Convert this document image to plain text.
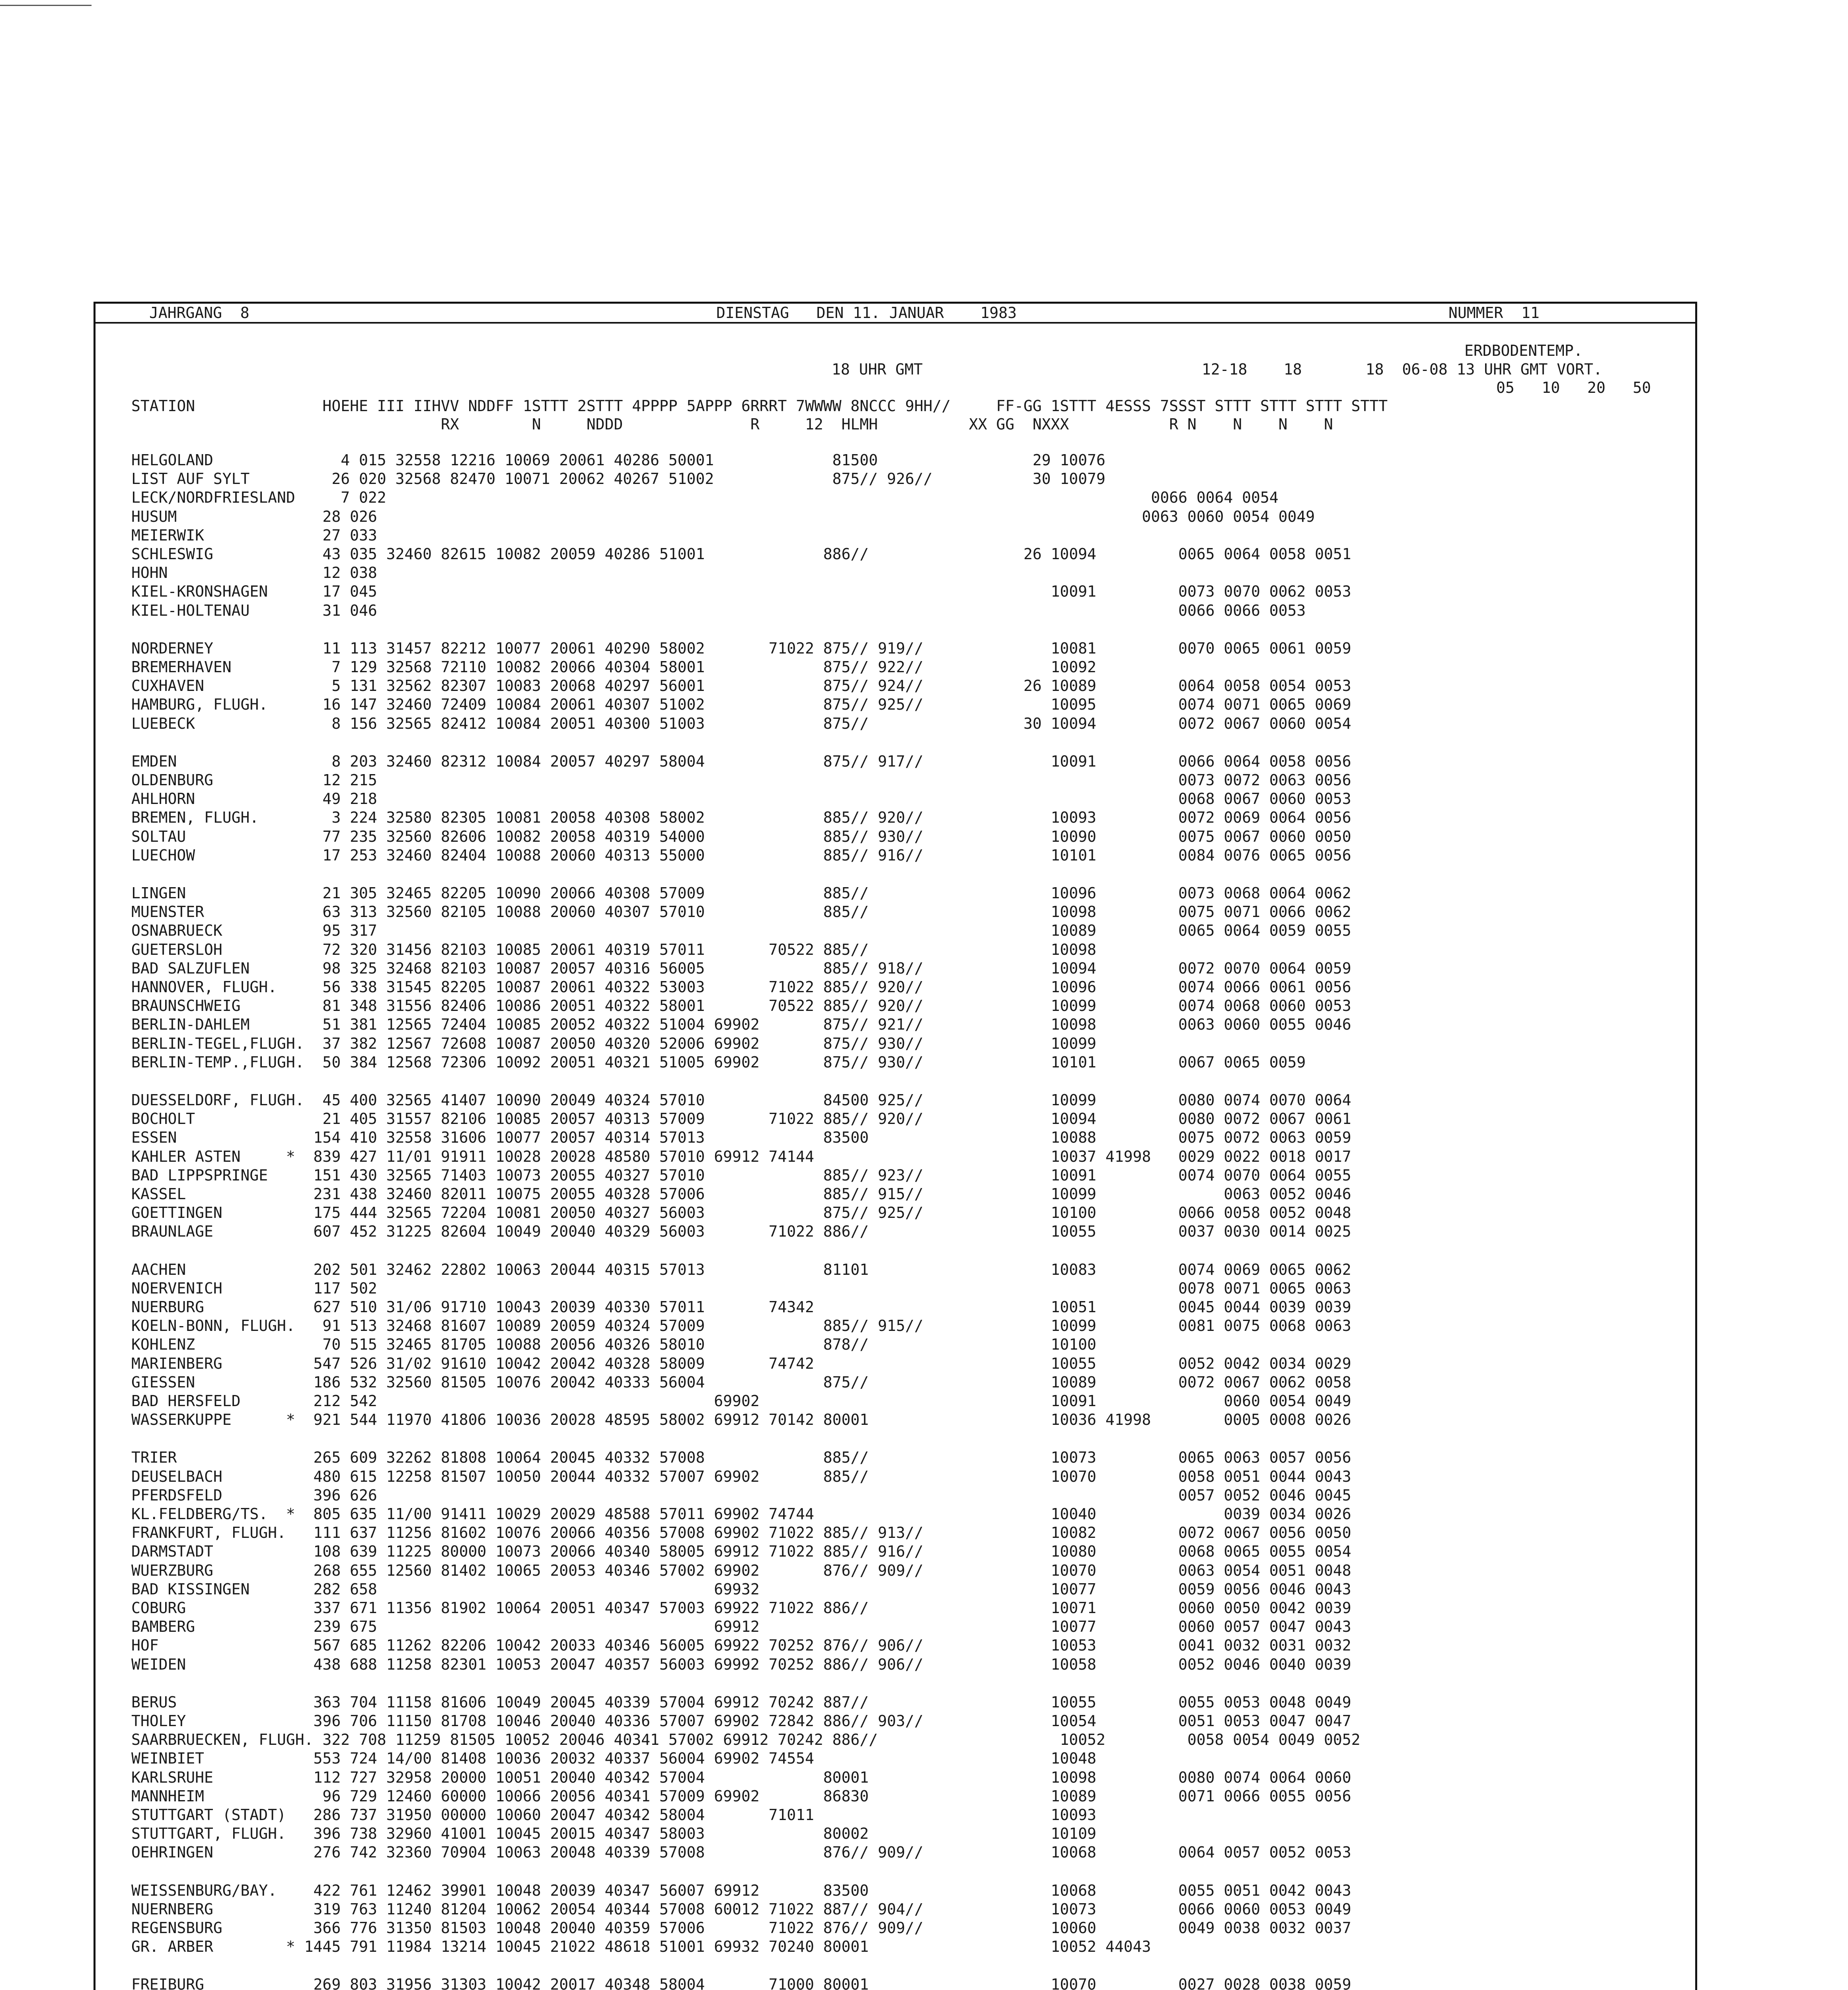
JAHRGANG  8	DIENSTAG   DEN 11. JANUAR    1983	NUMMER  11
ERDBODENTEMP.
18 UHR GMT	12-18    18       18  06-08 13 UHR GMT VORT.
05   10   20   50
STATION              HOEHE III IIHVV NDDFF 1STTT 2STTT 4PPPP 5APPP 6RRRT 7WWWW 8NCCC 9HH//     FF-GG 1STTT 4ESSS 7SSST STTT STTT STTT STTT
RX        N     NDDD              R     12  HLMH          XX GG  NXXX           R N    N    N    N
HELGOLAND              4 015 32558 12216 10069 20061 40286 50001             81500                 29 10076
LIST AUF SYLT         26 020 32568 82470 10071 20062 40267 51002             875// 926//           30 10079
LECK/NORDFRIESLAND     7 022                                                                                    0066 0064 0054
HUSUM                28 026                                                                                    0063 0060 0054 0049
MEIERWIK             27 033
SCHLESWIG            43 035 32460 82615 10082 20059 40286 51001             886//                 26 10094         0065 0064 0058 0051
HOHN                 12 038
KIEL-KRONSHAGEN      17 045                                                                          10091         0073 0070 0062 0053
KIEL-HOLTENAU        31 046                                                                                        0066 0066 0053
NORDERNEY            11 113 31457 82212 10077 20061 40290 58002       71022 875// 919//              10081         0070 0065 0061 0059
BREMERHAVEN           7 129 32568 72110 10082 20066 40304 58001             875// 922//              10092
CUXHAVEN              5 131 32562 82307 10083 20068 40297 56001             875// 924//           26 10089         0064 0058 0054 0053
HAMBURG, FLUGH.      16 147 32460 72409 10084 20061 40307 51002             875// 925//              10095         0074 0071 0065 0069
LUEBECK               8 156 32565 82412 10084 20051 40300 51003             875//                 30 10094         0072 0067 0060 0054
EMDEN                 8 203 32460 82312 10084 20057 40297 58004             875// 917//              10091         0066 0064 0058 0056
OLDENBURG            12 215                                                                                        0073 0072 0063 0056
AHLHORN              49 218                                                                                        0068 0067 0060 0053
BREMEN, FLUGH.        3 224 32580 82305 10081 20058 40308 58002             885// 920//              10093         0072 0069 0064 0056
SOLTAU               77 235 32560 82606 10082 20058 40319 54000             885// 930//              10090         0075 0067 0060 0050
LUECHOW              17 253 32460 82404 10088 20060 40313 55000             885// 916//              10101         0084 0076 0065 0056
LINGEN               21 305 32465 82205 10090 20066 40308 57009             885//                    10096         0073 0068 0064 0062
MUENSTER             63 313 32560 82105 10088 20060 40307 57010             885//                    10098         0075 0071 0066 0062
OSNABRUECK           95 317                                                                          10089         0065 0064 0059 0055
GUETERSLOH           72 320 31456 82103 10085 20061 40319 57011       70522 885//                    10098
BAD SALZUFLEN        98 325 32468 82103 10087 20057 40316 56005             885// 918//              10094         0072 0070 0064 0059
HANNOVER, FLUGH.     56 338 31545 82205 10087 20061 40322 53003       71022 885// 920//              10096         0074 0066 0061 0056
BRAUNSCHWEIG         81 348 31556 82406 10086 20051 40322 58001       70522 885// 920//              10099         0074 0068 0060 0053
BERLIN-DAHLEM        51 381 12565 72404 10085 20052 40322 51004 69902       875// 921//              10098         0063 0060 0055 0046
BERLIN-TEGEL,FLUGH.  37 382 12567 72608 10087 20050 40320 52006 69902       875// 930//              10099
BERLIN-TEMP.,FLUGH.  50 384 12568 72306 10092 20051 40321 51005 69902       875// 930//              10101         0067 0065 0059
DUESSELDORF, FLUGH.  45 400 32565 41407 10090 20049 40324 57010             84500 925//              10099         0080 0074 0070 0064
BOCHOLT              21 405 31557 82106 10085 20057 40313 57009       71022 885// 920//              10094         0080 0072 0067 0061
ESSEN               154 410 32558 31606 10077 20057 40314 57013             83500                    10088         0075 0072 0063 0059
KAHLER ASTEN     *  839 427 11/01 91911 10028 20028 48580 57010 69912 74144                          10037 41998   0029 0022 0018 0017
BAD LIPPSPRINGE     151 430 32565 71403 10073 20055 40327 57010             885// 923//              10091         0074 0070 0064 0055
KASSEL              231 438 32460 82011 10075 20055 40328 57006             885// 915//              10099              0063 0052 0046
GOETTINGEN          175 444 32565 72204 10081 20050 40327 56003             875// 925//              10100         0066 0058 0052 0048
BRAUNLAGE           607 452 31225 82604 10049 20040 40329 56003       71022 886//                    10055         0037 0030 0014 0025
AACHEN              202 501 32462 22802 10063 20044 40315 57013             81101                    10083         0074 0069 0065 0062
NOERVENICH          117 502                                                                                        0078 0071 0065 0063
NUERBURG            627 510 31/06 91710 10043 20039 40330 57011       74342                          10051         0045 0044 0039 0039
KOELN-BONN, FLUGH.   91 513 32468 81607 10089 20059 40324 57009             885// 915//              10099         0081 0075 0068 0063
KOHLENZ              70 515 32465 81705 10088 20056 40326 58010             878//                    10100
MARIENBERG          547 526 31/02 91610 10042 20042 40328 58009       74742                          10055         0052 0042 0034 0029
GIESSEN             186 532 32560 81505 10076 20042 40333 56004             875//                    10089         0072 0067 0062 0058
BAD HERSFELD        212 542                                     69902                                10091              0060 0054 0049
WASSERKUPPE      *  921 544 11970 41806 10036 20028 48595 58002 69912 70142 80001                    10036 41998        0005 0008 0026
TRIER               265 609 32262 81808 10064 20045 40332 57008             885//                    10073         0065 0063 0057 0056
DEUSELBACH          480 615 12258 81507 10050 20044 40332 57007 69902       885//                    10070         0058 0051 0044 0043
PFERDSFELD          396 626                                                                                        0057 0052 0046 0045
KL.FELDBERG/TS.  *  805 635 11/00 91411 10029 20029 48588 57011 69902 74744                          10040              0039 0034 0026
FRANKFURT, FLUGH.   111 637 11256 81602 10076 20066 40356 57008 69902 71022 885// 913//              10082         0072 0067 0056 0050
DARMSTADT           108 639 11225 80000 10073 20066 40340 58005 69912 71022 885// 916//              10080         0068 0065 0055 0054
WUERZBURG           268 655 12560 81402 10065 20053 40346 57002 69902       876// 909//              10070         0063 0054 0051 0048
BAD KISSINGEN       282 658                                     69932                                10077         0059 0056 0046 0043
COBURG              337 671 11356 81902 10064 20051 40347 57003 69922 71022 886//                    10071         0060 0050 0042 0039
BAMBERG             239 675                                     69912                                10077         0060 0057 0047 0043
HOF                 567 685 11262 82206 10042 20033 40346 56005 69922 70252 876// 906//              10053         0041 0032 0031 0032
WEIDEN              438 688 11258 82301 10053 20047 40357 56003 69992 70252 886// 906//              10058         0052 0046 0040 0039
BERUS               363 704 11158 81606 10049 20045 40339 57004 69912 70242 887//                    10055         0055 0053 0048 0049
THOLEY              396 706 11150 81708 10046 20040 40336 57007 69902 72842 886// 903//              10054         0051 0053 0047 0047
SAARBRUECKEN, FLUGH. 322 708 11259 81505 10052 20046 40341 57002 69912 70242 886//                    10052         0058 0054 0049 0052
WEINBIET            553 724 14/00 81408 10036 20032 40337 56004 69902 74554                          10048
KARLSRUHE           112 727 32958 20000 10051 20040 40342 57004             80001                    10098         0080 0074 0064 0060
MANNHEIM             96 729 12460 60000 10066 20056 40341 57009 69902       86830                    10089         0071 0066 0055 0056
STUTTGART (STADT)   286 737 31950 00000 10060 20047 40342 58004       71011                          10093
STUTTGART, FLUGH.   396 738 32960 41001 10045 20015 40347 58003             80002                    10109
OEHRINGEN           276 742 32360 70904 10063 20048 40339 57008             876// 909//              10068         0064 0057 0052 0053
WEISSENBURG/BAY.    422 761 12462 39901 10048 20039 40347 56007 69912       83500                    10068         0055 0051 0042 0043
NUERNBERG           319 763 11240 81204 10062 20054 40344 57008 60012 71022 887// 904//              10073         0066 0060 0053 0049
REGENSBURG          366 776 31350 81503 10048 20040 40359 57006       71022 876// 909//              10060         0049 0038 0032 0037
GR. ARBER        * 1445 791 11984 13214 10045 21022 48618 51001 69932 70240 80001                    10052 44043
FREIBURG            269 803 31956 31303 10042 20017 40348 58004       71000 80001                    10070         0027 0028 0038 0059
